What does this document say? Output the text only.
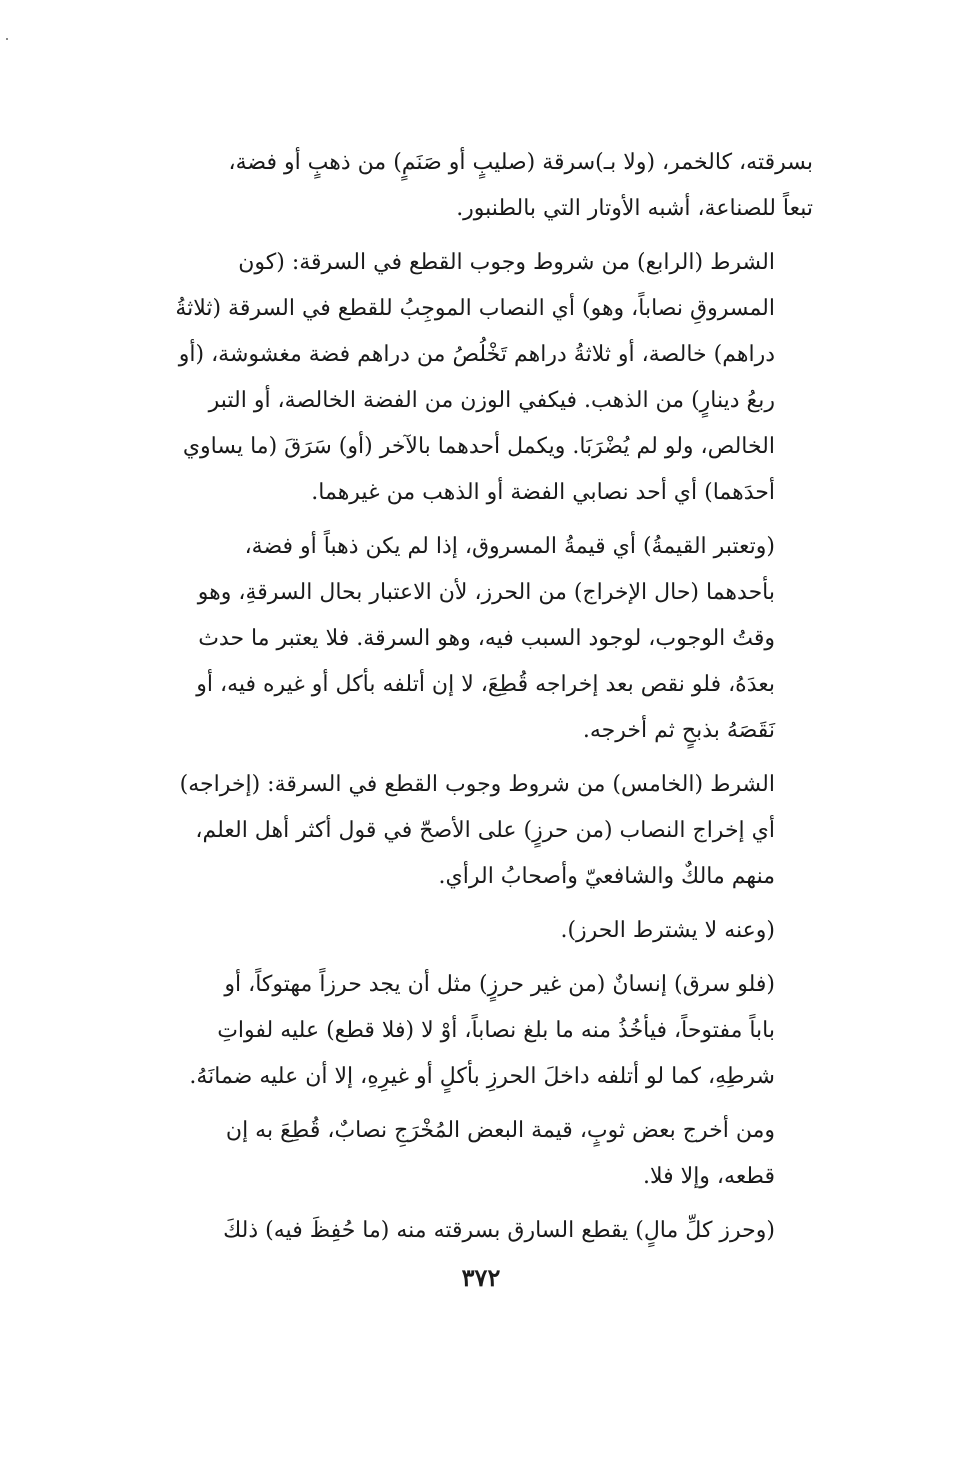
بسرقته، كالخمر، (ولا بـ)سرقة (صليبٍ أو صَنَمٍ) من ذهبٍ أو فضة،
تبعاً للصناعة، أشبه الأوتار التي بالطنبور.

الشرط (الرابع) من شروط وجوب القطع في السرقة: (كون
المسروقِ نصاباً، وهو) أي النصاب الموجِبُ للقطع في السرقة (ثلاثةُ
دراهم) خالصة، أو ثلاثةُ دراهم تَخْلُصُ من دراهم فضة مغشوشة، (أو
ربعُ دينارٍ) من الذهب. فيكفي الوزن من الفضة الخالصة، أو التبر
الخالص، ولو لم يُضْرَبَا. ويكمل أحدهما بالآخر (أو) سَرَقَ (ما يساوي
أحدَهما) أي أحد نصابي الفضة أو الذهب من غيرهما.

(وتعتبر القيمةُ) أي قيمةُ المسروق، إذا لم يكن ذهباً أو فضة،
بأحدهما (حال الإخراج) من الحرز، لأن الاعتبار بحال السرقةِ، وهو
وقتُ الوجوب، لوجود السبب فيه، وهو السرقة. فلا يعتبر ما حدث
بعدَهُ، فلو نقص بعد إخراجه قُطِعَ، لا إن أتلفه بأكل أو غيره فيه، أو
نَقَصَهُ بذبحٍ ثم أخرجه.

الشرط (الخامس) من شروط وجوب القطع في السرقة: (إخراجه)
أي إخراج النصاب (من حرزٍ) على الأصحّ في قول أكثر أهل العلم،
منهم مالكٌ والشافعيّ وأصحابُ الرأي.

(وعنه لا يشترط الحرز).

(فلو سرق) إنسانٌ (من غير حرزٍ) مثل أن يجد حرزاً مهتوكاً، أو
باباً مفتوحاً، فيأخُذُ منه ما بلغ نصاباً، أوْ لا (فلا قطع) عليه لفواتِ
شرطِهِ، كما لو أتلفه داخلَ الحرزِ بأكلٍ أو غيرِهِ، إلا أن عليه ضمانَهُ.

ومن أخرج بعض ثوبٍ، قيمة البعض المُخْرَجِ نصابٌ، قُطِعَ به إن
قطعه، وإلا فلا.

(وحرز كلِّ مالٍ) يقطع السارق بسرقته منه (ما حُفِظَ فيه) ذلكَ

٣٧٢
